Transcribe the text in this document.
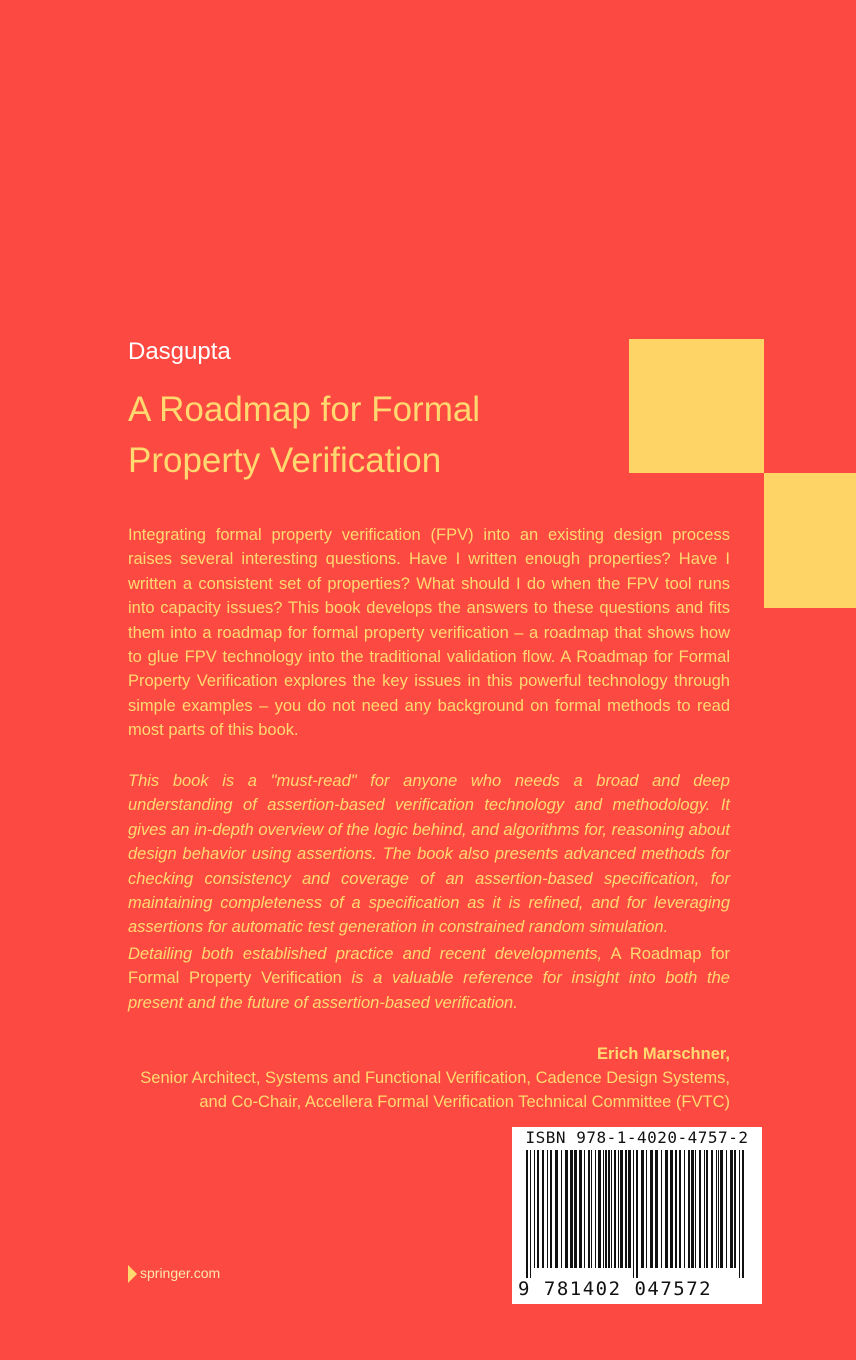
Dasgupta
A Roadmap for Formal
Property Verification

Integrating formal property verification (FPV) into an existing design process raises several interesting questions. Have I written enough properties? Have I written a consistent set of properties? What should I do when the FPV tool runs into capacity issues? This book develops the answers to these questions and fits them into a roadmap for formal property verification – a roadmap that shows how to glue FPV technology into the traditional validation flow. A Roadmap for Formal Property Verification explores the key issues in this powerful technology through simple examples – you do not need any background on formal methods to read most parts of this book.

This book is a "must-read" for anyone who needs a broad and deep understanding of assertion-based verification technology and methodology. It gives an in-depth overview of the logic behind, and algorithms for, reasoning about design behavior using assertions. The book also presents advanced methods for checking consistency and coverage of an assertion-based specification, for maintaining completeness of a specification as it is refined, and for leveraging assertions for automatic test generation in constrained random simulation.

Detailing both established practice and recent developments, A Roadmap for Formal Property Verification is a valuable reference for insight into both the present and the future of assertion-based verification.

Erich Marschner,
Senior Architect, Systems and Functional Verification, Cadence Design Systems,
and Co-Chair, Accellera Formal Verification Technical Committee (FVTC)
ISBN 978-1-4020-4757-2
9 781402 047572
springer.com
